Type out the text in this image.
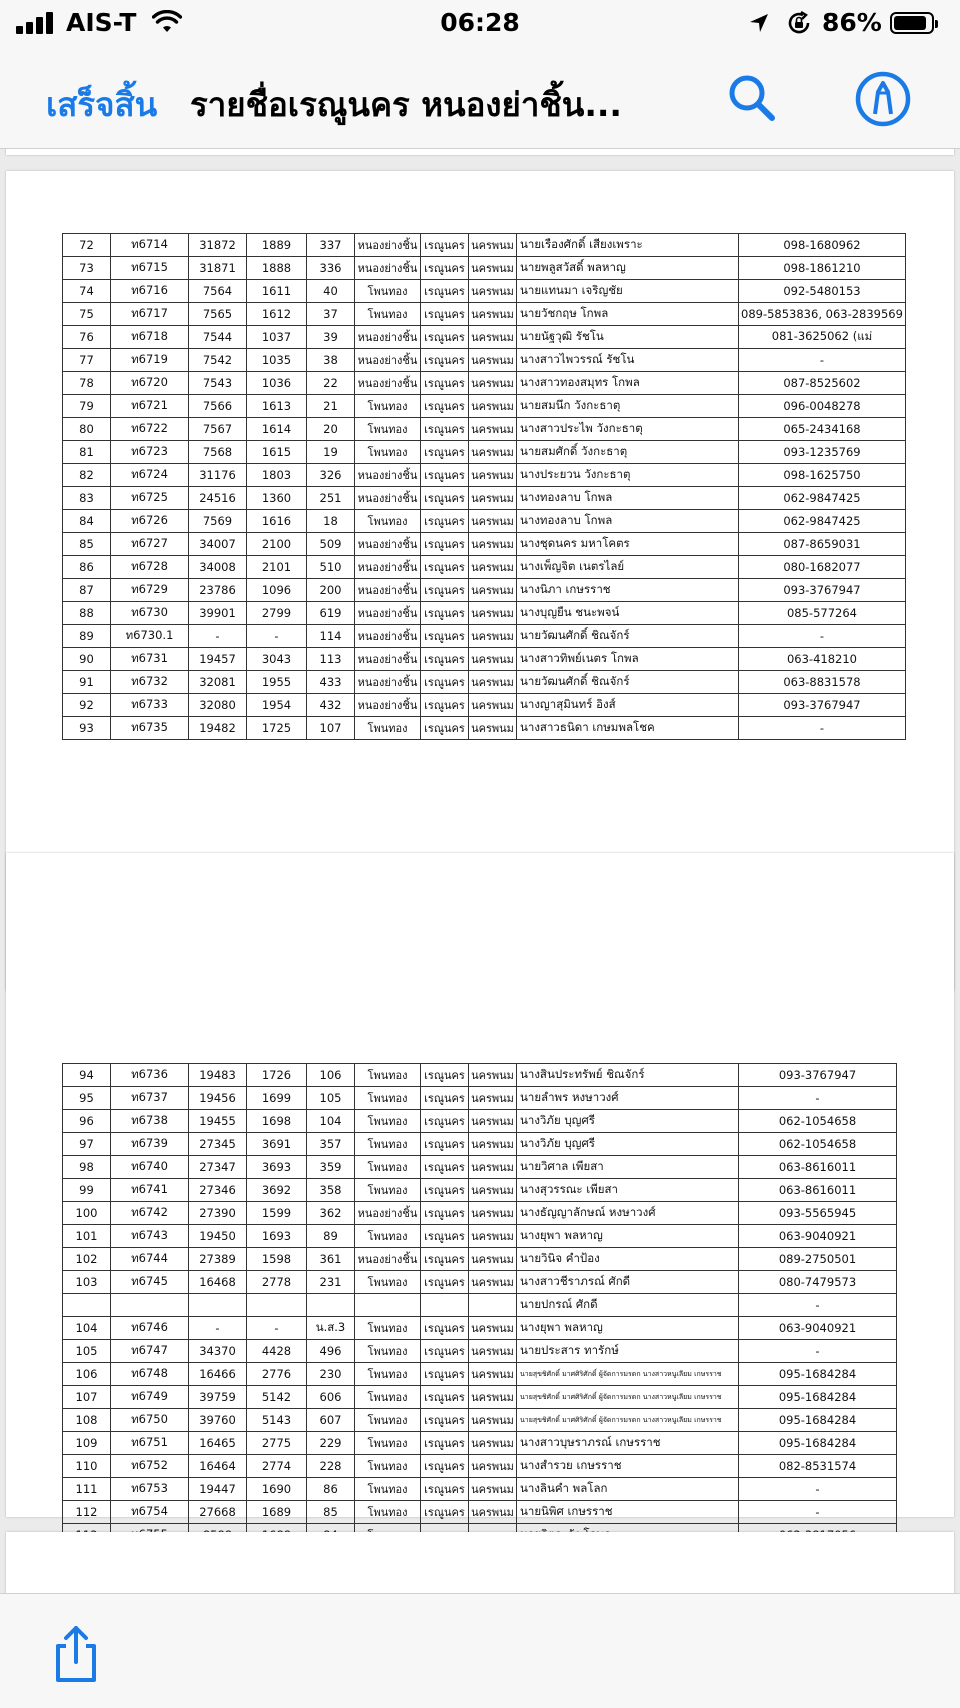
AIS-T	06:28	86%
เสร็จสิ้น รายชื่อเรณูนคร หนองย่าชิ้น...
72	ท6714	31872	1889	337	หนองย่างชิ้น	เรณูนคร	นครพนม	นายเรืองศักดิ์ เสียงเพราะ	098-1680962
73	ท6715	31871	1888	336	หนองย่างชิ้น	เรณูนคร	นครพนม	นายพลูสวัสดิ์ พลหาญ	098-1861210
74	ท6716	7564	1611	40	โพนทอง	เรณูนคร	นครพนม	นายแทนมา เจริญชัย	092-5480153
75	ท6717	7565	1612	37	โพนทอง	เรณูนคร	นครพนม	นายวัชกฤษ โกพล	089-5853836, 063-2839569
76	ท6718	7544	1037	39	หนองย่างชิ้น	เรณูนคร	นครพนม	นายนัฐวุฒิ รัชโน	081-3625062 (แม่
77	ท6719	7542	1035	38	หนองย่างชิ้น	เรณูนคร	นครพนม	นางสาวไพวรรณ์ รัชโน	-
78	ท6720	7543	1036	22	หนองย่างชิ้น	เรณูนคร	นครพนม	นางสาวทองสมุทร โกพล	087-8525602
79	ท6721	7566	1613	21	โพนทอง	เรณูนคร	นครพนม	นายสมนึก วังกะธาตุ	096-0048278
80	ท6722	7567	1614	20	โพนทอง	เรณูนคร	นครพนม	นางสาวประไพ วังกะธาตุ	065-2434168
81	ท6723	7568	1615	19	โพนทอง	เรณูนคร	นครพนม	นายสมศักดิ์ วังกะธาตุ	093-1235769
82	ท6724	31176	1803	326	หนองย่างชิ้น	เรณูนคร	นครพนม	นางประยวน วังกะธาตุ	098-1625750
83	ท6725	24516	1360	251	หนองย่างชิ้น	เรณูนคร	นครพนม	นางทองลาบ โกพล	062-9847425
84	ท6726	7569	1616	18	โพนทอง	เรณูนคร	นครพนม	นางทองลาบ โกพล	062-9847425
85	ท6727	34007	2100	509	หนองย่างชิ้น	เรณูนคร	นครพนม	นางชุดนคร มหาโคตร	087-8659031
86	ท6728	34008	2101	510	หนองย่างชิ้น	เรณูนคร	นครพนม	นางเพ็ญจิต เนตรไลย์	080-1682077
87	ท6729	23786	1096	200	หนองย่างชิ้น	เรณูนคร	นครพนม	นางนิภา เกษรราช	093-3767947
88	ท6730	39901	2799	619	หนองย่างชิ้น	เรณูนคร	นครพนม	นางบุญยืน ชนะพจน์	085-577264
89	ท6730.1	-	-	114	หนองย่างชิ้น	เรณูนคร	นครพนม	นายวัฒนศักดิ์ ชิณจักร์	-
90	ท6731	19457	3043	113	หนองย่างชิ้น	เรณูนคร	นครพนม	นางสาวทิพย์เนตร โกพล	063-418210
91	ท6732	32081	1955	433	หนองย่างชิ้น	เรณูนคร	นครพนม	นายวัฒนศักดิ์ ชิณจักร์	063-8831578
92	ท6733	32080	1954	432	หนองย่างชิ้น	เรณูนคร	นครพนม	นางญาสุมินทร์ อิงส์	093-3767947
93	ท6735	19482	1725	107	โพนทอง	เรณูนคร	นครพนม	นางสาวธนิดา เกษมพลโชค	-
94	ท6736	19483	1726	106	โพนทอง	เรณูนคร	นครพนม	นางสินประทรัพย์ ชิณจักร์	093-3767947
95	ท6737	19456	1699	105	โพนทอง	เรณูนคร	นครพนม	นายลำพร หงษาวงศ์	-
96	ท6738	19455	1698	104	โพนทอง	เรณูนคร	นครพนม	นางวิภัย บุญศรี	062-1054658
97	ท6739	27345	3691	357	โพนทอง	เรณูนคร	นครพนม	นางวิภัย บุญศรี	062-1054658
98	ท6740	27347	3693	359	โพนทอง	เรณูนคร	นครพนม	นายวิศาล เพียสา	063-8616011
99	ท6741	27346	3692	358	โพนทอง	เรณูนคร	นครพนม	นางสุวรรณะ เพียสา	063-8616011
100	ท6742	27390	1599	362	หนองย่างชิ้น	เรณูนคร	นครพนม	นางธัญญาลักษณ์ หงษาวงศ์	093-5565945
101	ท6743	19450	1693	89	โพนทอง	เรณูนคร	นครพนม	นางยุพา พลหาญ	063-9040921
102	ท6744	27389	1598	361	หนองย่างชิ้น	เรณูนคร	นครพนม	นายวินิจ คำป้อง	089-2750501
103	ท6745	16468	2778	231	โพนทอง	เรณูนคร	นครพนม	นางสาวชีราภรณ์ ศักดี	080-7479573
								นายปกรณ์ ศักดี	-
104	ท6746	-	-	น.ส.3	โพนทอง	เรณูนคร	นครพนม	นางยุพา พลหาญ	063-9040921
105	ท6747	34370	4428	496	โพนทอง	เรณูนคร	นครพนม	นายประสาร ทารักษ์	-
106	ท6748	16466	2776	230	โพนทอง	เรณูนคร	นครพนม	นายสุขชิศักดิ์ มาศศิริศักดิ์ ผู้จัดการมรดก นางสาวหนูเลียม เกษรราช	095-1684284
107	ท6749	39759	5142	606	โพนทอง	เรณูนคร	นครพนม	นายสุขชิศักดิ์ มาศศิริศักดิ์ ผู้จัดการมรดก นางสาวหนูเลียม เกษรราช	095-1684284
108	ท6750	39760	5143	607	โพนทอง	เรณูนคร	นครพนม	นายสุขชิศักดิ์ มาศศิริศักดิ์ ผู้จัดการมรดก นางสาวหนูเลียม เกษรราช	095-1684284
109	ท6751	16465	2775	229	โพนทอง	เรณูนคร	นครพนม	นางสาวบุษราภรณ์ เกษรราช	095-1684284
110	ท6752	16464	2774	228	โพนทอง	เรณูนคร	นครพนม	นางสำรวย เกษรราช	082-8531574
111	ท6753	19447	1690	86	โพนทอง	เรณูนคร	นครพนม	นางลินคำ พลโลก	-
112	ท6754	27668	1689	85	โพนทอง	เรณูนคร	นครพนม	นายนิพิศ เกษรราช	-
